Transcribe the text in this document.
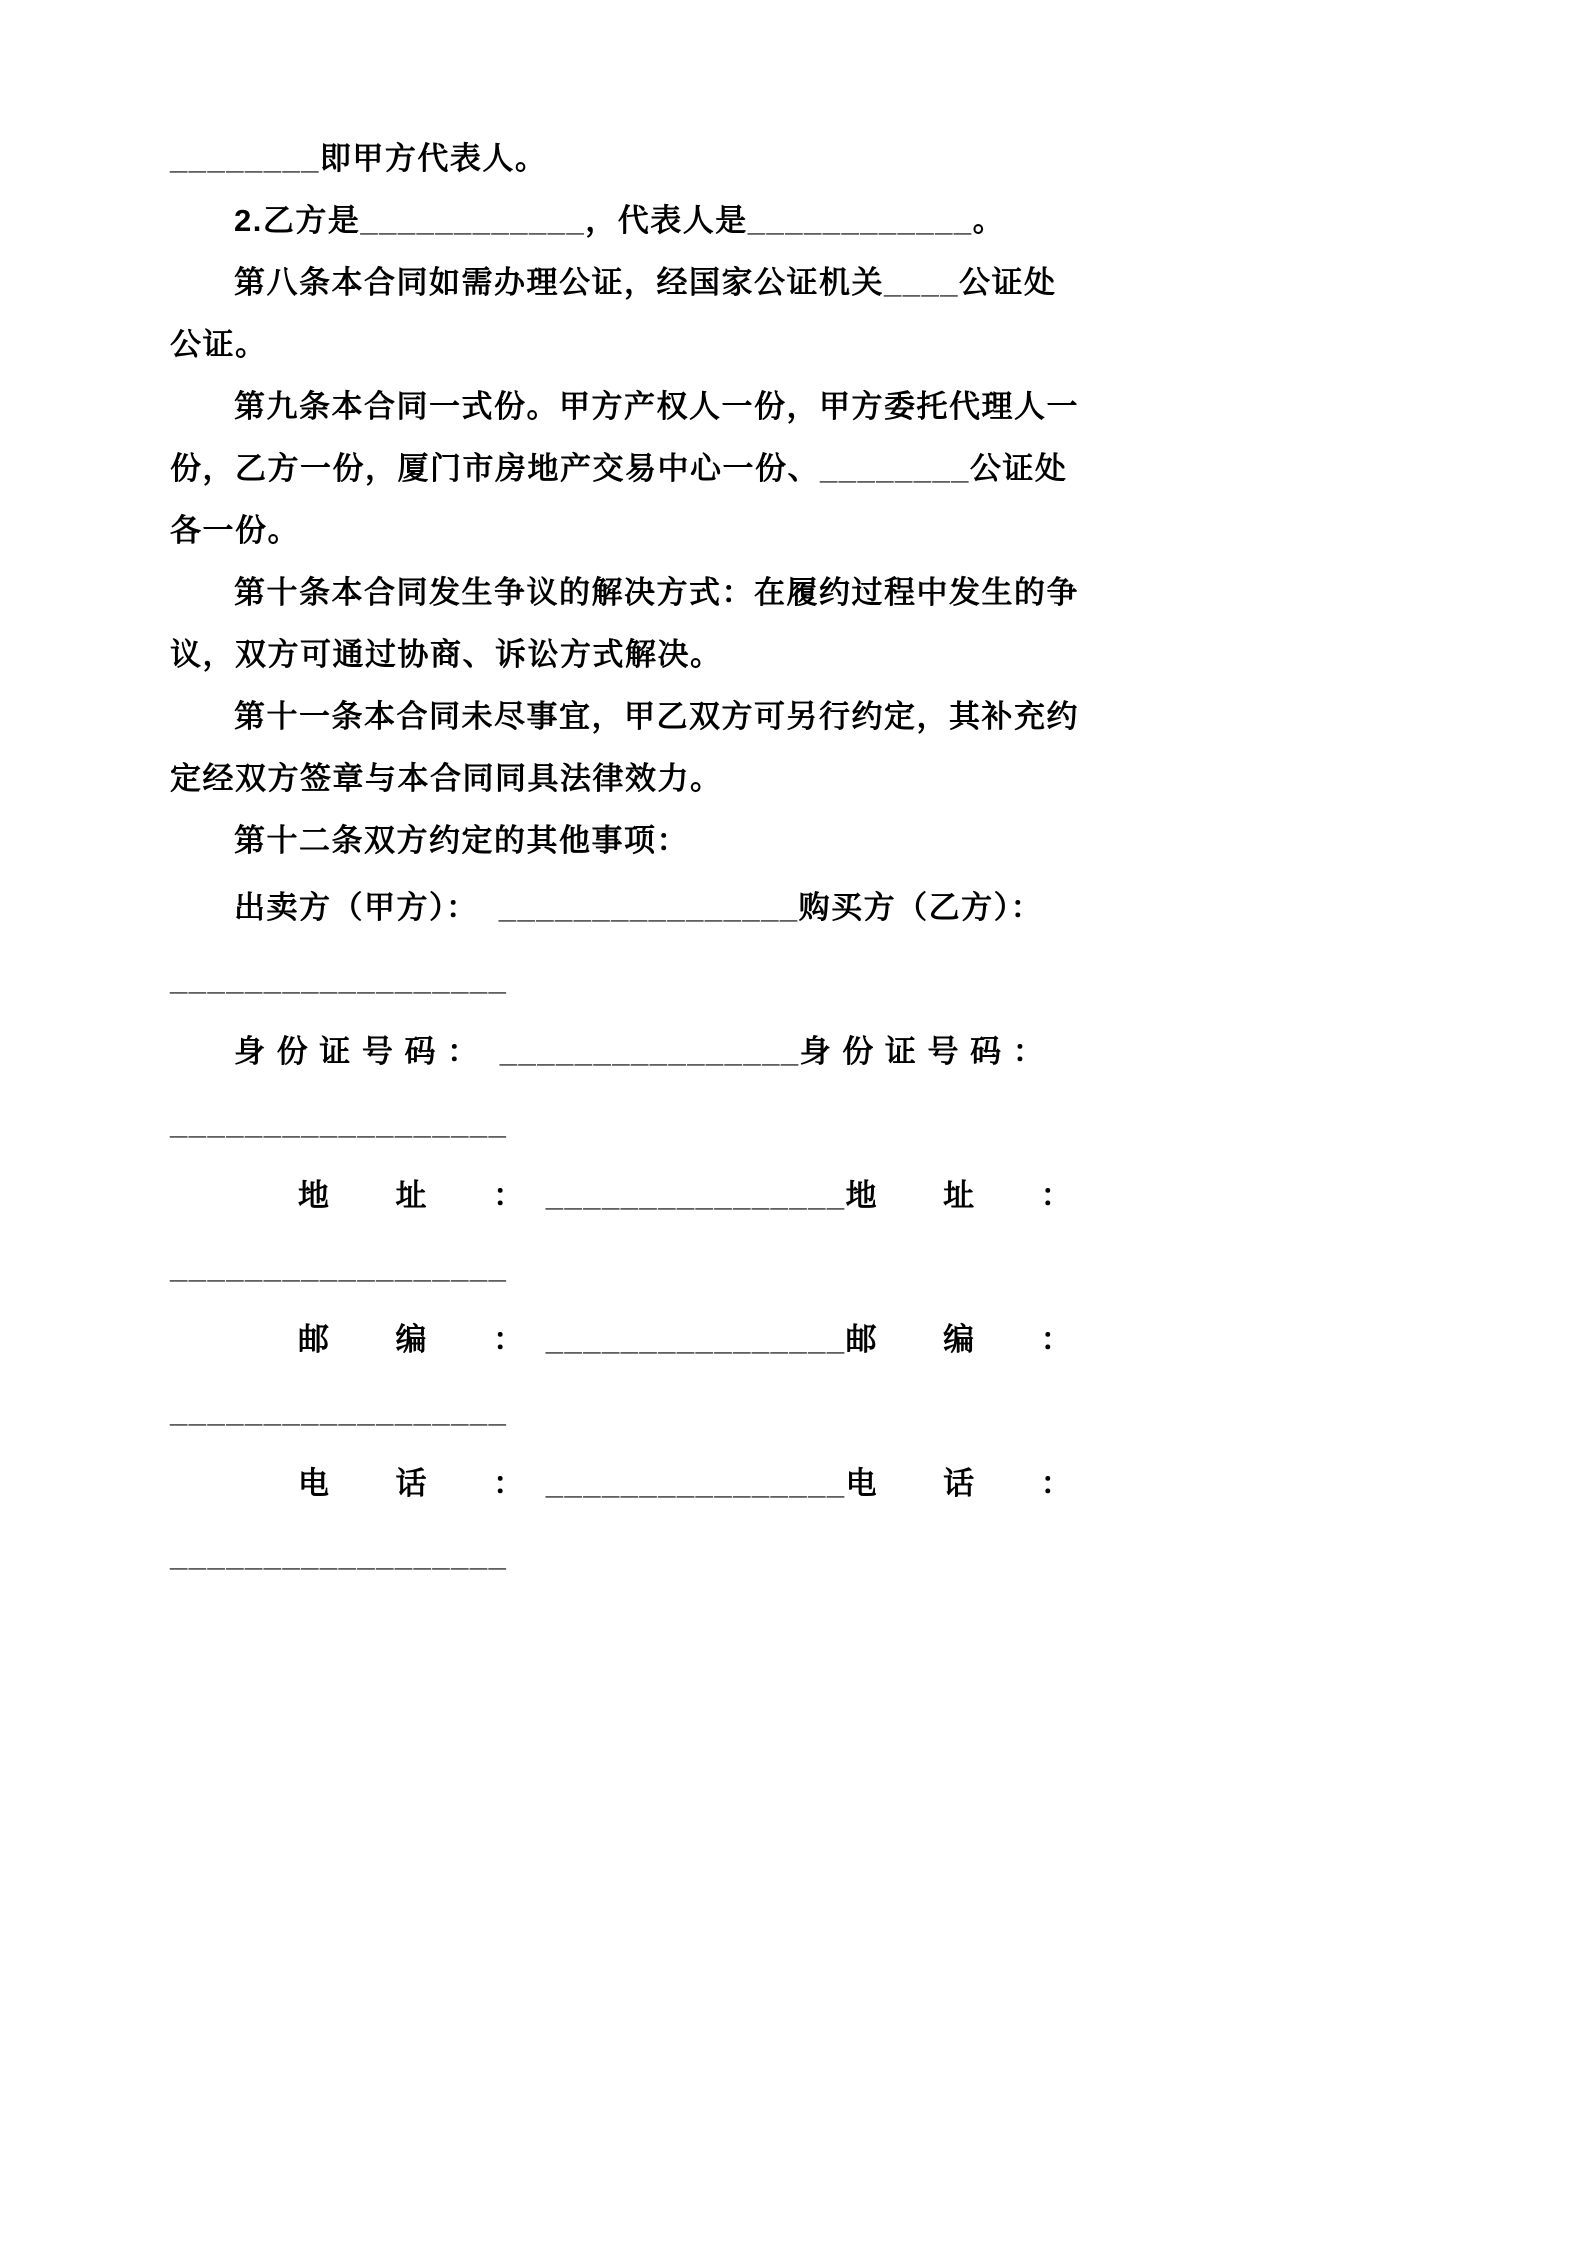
________即甲方代表人。

2.乙方是____________，代表人是____________。

第八条本合同如需办理公证，经国家公证机关____公证处

公证。

第九条本合同一式份。甲方产权人一份，甲方委托代理人一

份，乙方一份，厦门市房地产交易中心一份、________公证处

各一份。

第十条本合同发生争议的解决方式：在履约过程中发生的争

议，双方可通过协商、诉讼方式解决。

第十一条本合同未尽事宜，甲乙双方可另行约定，其补充约

定经双方签章与本合同同具法律效力。

第十二条双方约定的其他事项：

出卖方（甲方）：  ________________购买方（乙方）：

__________________

身 份 证 号 码 ：  ________________身 份 证 号 码 ：

__________________

地　　址　　：  ________________地　　址　　：

__________________

邮　　编　　：  ________________邮　　编　　：

__________________

电　　话　　：  ________________电　　话　　：

__________________
